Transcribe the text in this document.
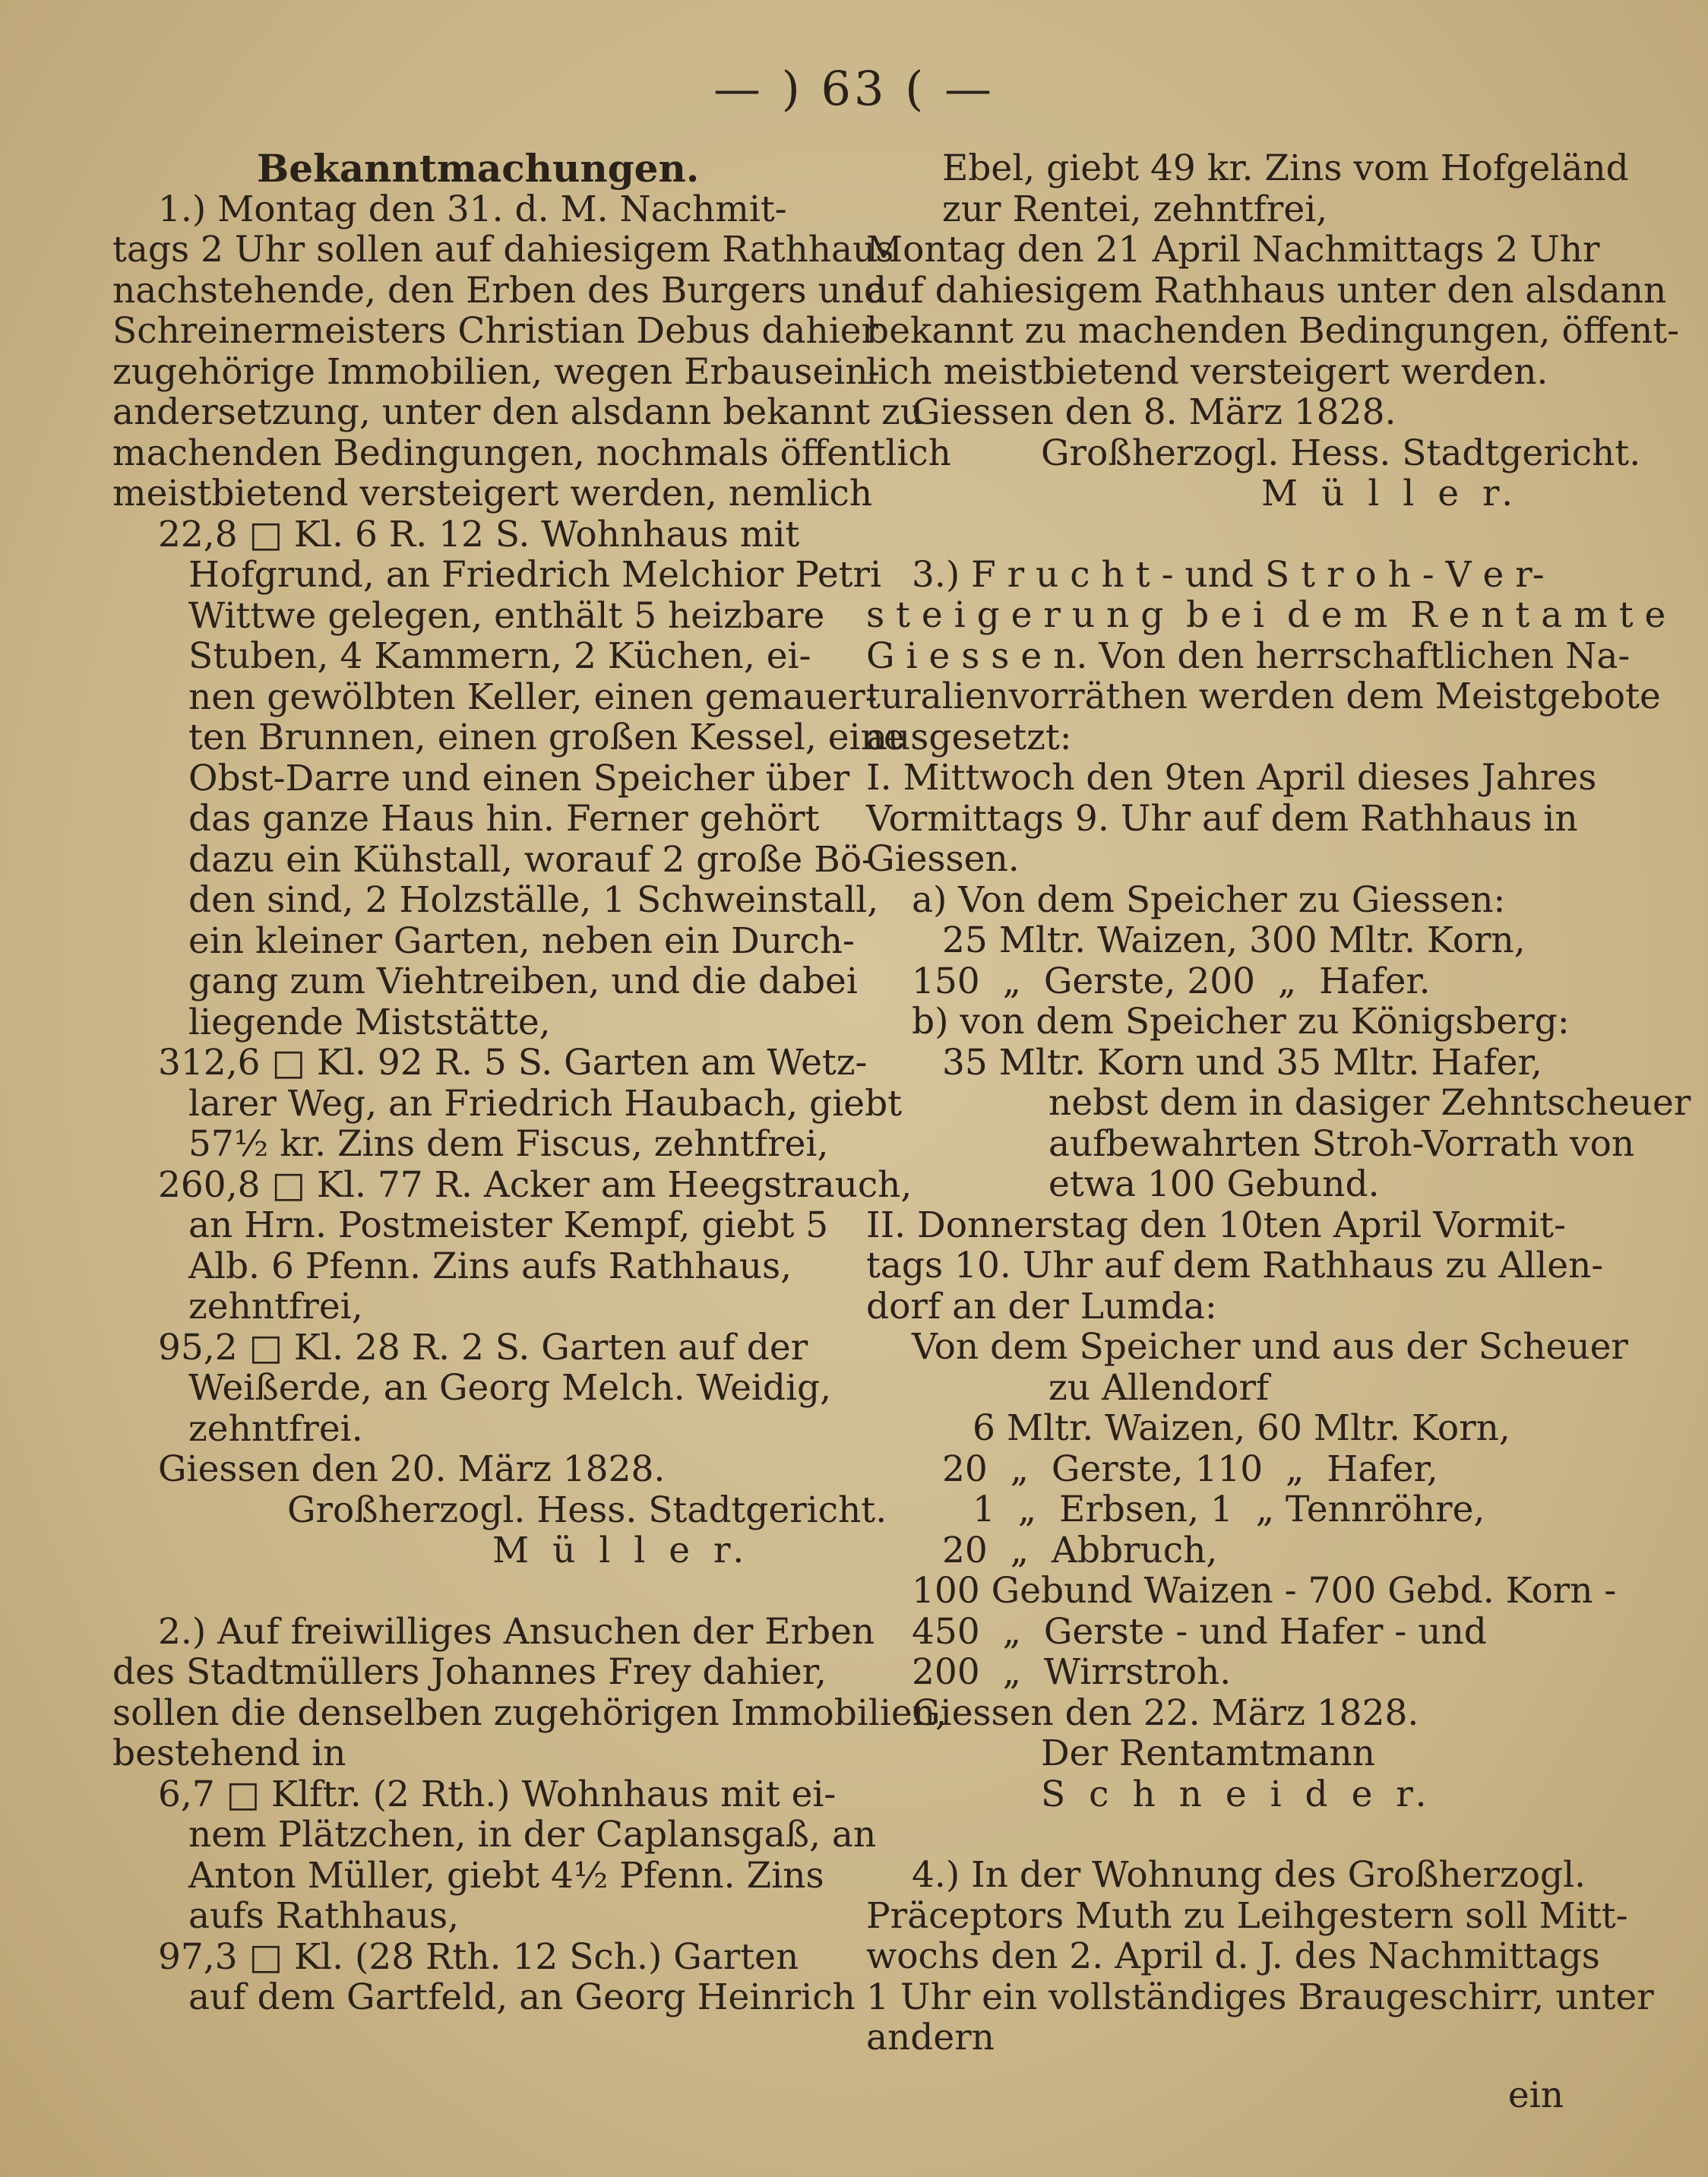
— ) 63 ( —
Bekanntmachungen.
1.) Montag den 31. d. M. Nachmit-
tags 2 Uhr sollen auf dahiesigem Rathhaus
nachstehende, den Erben des Burgers und
Schreinermeisters Christian Debus dahier
zugehörige Immobilien, wegen Erbausein-
andersetzung, unter den alsdann bekannt zu
machenden Bedingungen, nochmals öffentlich
meistbietend versteigert werden, nemlich
22,8 □ Kl. 6 R. 12 S. Wohnhaus mit
Hofgrund, an Friedrich Melchior Petri
Wittwe gelegen, enthält 5 heizbare
Stuben, 4 Kammern, 2 Küchen, ei-
nen gewölbten Keller, einen gemauer-
ten Brunnen, einen großen Kessel, eine
Obst-Darre und einen Speicher über
das ganze Haus hin. Ferner gehört
dazu ein Kühstall, worauf 2 große Bö-
den sind, 2 Holzställe, 1 Schweinstall,
ein kleiner Garten, neben ein Durch-
gang zum Viehtreiben, und die dabei
liegende Miststätte,
312,6 □ Kl. 92 R. 5 S. Garten am Wetz-
larer Weg, an Friedrich Haubach, giebt
57½ kr. Zins dem Fiscus, zehntfrei,
260,8 □ Kl. 77 R. Acker am Heegstrauch,
an Hrn. Postmeister Kempf, giebt 5
Alb. 6 Pfenn. Zins aufs Rathhaus,
zehntfrei,
95,2 □ Kl. 28 R. 2 S. Garten auf der
Weißerde, an Georg Melch. Weidig,
zehntfrei.
Giessen den 20. März 1828.
Großherzogl. Hess. Stadtgericht.
M ü l l e r.
2.) Auf freiwilliges Ansuchen der Erben
des Stadtmüllers Johannes Frey dahier,
sollen die denselben zugehörigen Immobilien,
bestehend in
6,7 □ Klftr. (2 Rth.) Wohnhaus mit ei-
nem Plätzchen, in der Caplansgaß, an
Anton Müller, giebt 4½ Pfenn. Zins
aufs Rathhaus,
97,3 □ Kl. (28 Rth. 12 Sch.) Garten
auf dem Gartfeld, an Georg Heinrich
Ebel, giebt 49 kr. Zins vom Hofgeländ
zur Rentei, zehntfrei,
Montag den 21 April Nachmittags 2 Uhr
auf dahiesigem Rathhaus unter den alsdann
bekannt zu machenden Bedingungen, öffent-
lich meistbietend versteigert werden.
Giessen den 8. März 1828.
Großherzogl. Hess. Stadtgericht.
M ü l l e r.
3.) F r u c h t - und S t r o h - V e r-
s t e i g e r u n g  b e i  d e m  R e n t a m t e
G i e s s e n. Von den herrschaftlichen Na-
turalienvorräthen werden dem Meistgebote
ausgesetzt:
I. Mittwoch den 9ten April dieses Jahres
Vormittags 9. Uhr auf dem Rathhaus in
Giessen.
a) Von dem Speicher zu Giessen:
25 Mltr. Waizen, 300 Mltr. Korn,
150  „  Gerste, 200  „  Hafer.
b) von dem Speicher zu Königsberg:
35 Mltr. Korn und 35 Mltr. Hafer,
nebst dem in dasiger Zehntscheuer
aufbewahrten Stroh-Vorrath von
etwa 100 Gebund.
II. Donnerstag den 10ten April Vormit-
tags 10. Uhr auf dem Rathhaus zu Allen-
dorf an der Lumda:
Von dem Speicher und aus der Scheuer
zu Allendorf
6 Mltr. Waizen, 60 Mltr. Korn,
20  „  Gerste, 110  „  Hafer,
1  „  Erbsen, 1  „ Tennröhre,
20  „  Abbruch,
100 Gebund Waizen - 700 Gebd. Korn -
450  „  Gerste - und Hafer - und
200  „  Wirrstroh.
Giessen den 22. März 1828.
Der Rentamtmann
S c h n e i d e r.
4.) In der Wohnung des Großherzogl.
Präceptors Muth zu Leihgestern soll Mitt-
wochs den 2. April d. J. des Nachmittags
1 Uhr ein vollständiges Braugeschirr, unter
andern
ein
